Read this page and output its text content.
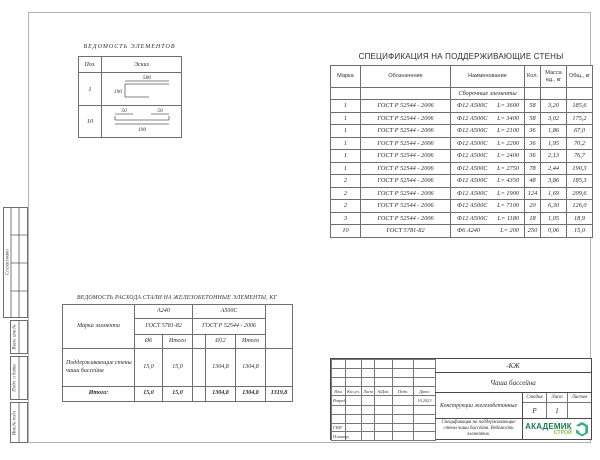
Согласовано
Взам. инв.№
Подп. и дата
Инв.№ подл.
ВЕДОМОСТЬ ЭЛЕМЕНТОВ
Поз.	Эскиз
1	580
190

10	50 50
190
СПЕЦИФИКАЦИЯ НА ПОДДЕРЖИВАЮЩИЕ СТЕНЫ
Марка	Обозначение	Наименование	Кол.	Масса ед., кг	Общ., кг
		Сборочные элементы			
1	ГОСТ Р 52544 - 2006	Ф12 А500С L= 3600	58	3,20	185,6
1	ГОСТ Р 52544 - 2006	Ф12 А500С L= 3400	58	3,02	175,2
1	ГОСТ Р 52544 - 2006	Ф12 А500С L= 2100	36	1,86	67,0
1	ГОСТ Р 52544 - 2006	Ф12 А500С L= 2200	36	1,95	70,2
1	ГОСТ Р 52544 - 2006	Ф12 А500С L= 2400	36	2,13	76,7
1	ГОСТ Р 52544 - 2006	Ф12 А500С L= 2750	78	2,44	190,3
2	ГОСТ Р 52544 - 2006	Ф12 А500С L= 4350	48	3,86	185,3
2	ГОСТ Р 52544 - 2006	Ф12 А500С L= 1900	124	1,69	209,6
2	ГОСТ Р 52544 - 2006	Ф12 А500С L= 7100	20	6,30	126,0
3	ГОСТ Р 52544 - 2006	Ф12 А500С L= 1180	18	1,05	18,9
10	ГОСТ 5781-82	Ф6 А240 L= 200	250	0,06	15,0
ВЕДОМОСТЬ РАСХОДА СТАЛИ НА ЖЕЛЕЗОБЕТОННЫЕ ЭЛЕМЕНТЫ, КГ
Марка элемента	А240		А500С			
	ГОСТ 5781-82		ГОСТ Р 52544 - 2006			
	Ø6	Итого		Ø12	Итого	
Поддерживающие стены чаши бассейна	15,0	15,0		1304,8	1304,8	
Итого:	15,0	15,0		1304,8	1304,8	1319,8

						Изм.	Кол.уч.	Лист	№Док.	Подп.	Дата
Разраб.					10.2023

ГИП					
Н.контр.					
-КЖ
Чаша бассейна
Конструкции железобетонные
Стадия	Лист	Листов
Р	1
Спецификация на поддерживающие стены чаши бассейна. Ведомость элементов.
АКАДЕМИК
СТРОЙ
